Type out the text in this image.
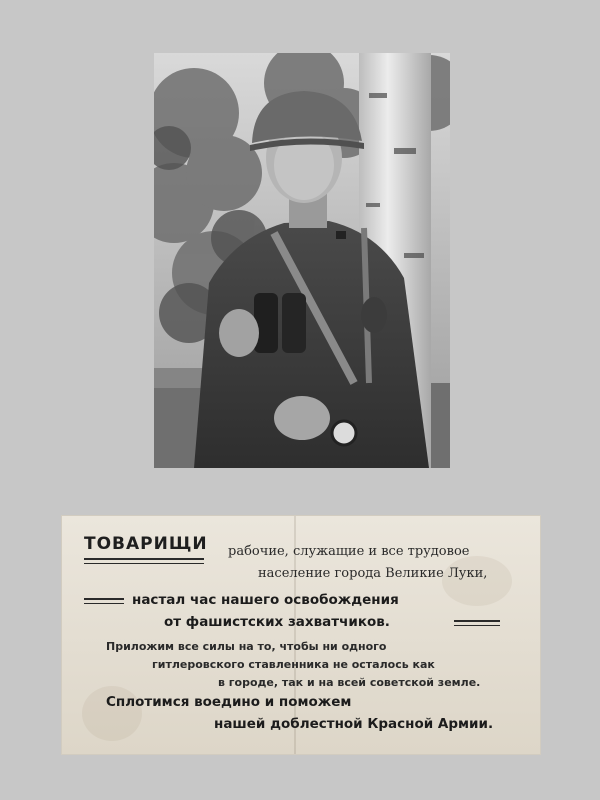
ТОВАРИЩИ рабочие, служащие и все трудовое
население города Великие Луки,
настал час нашего освобождения
от фашистских захватчиков.
Приложим все силы на то, чтобы ни одного
гитлеровского ставленника не осталось как
в городе, так и на всей советской земле.
Сплотимся воедино и поможем
нашей доблестной Красной Армии.
